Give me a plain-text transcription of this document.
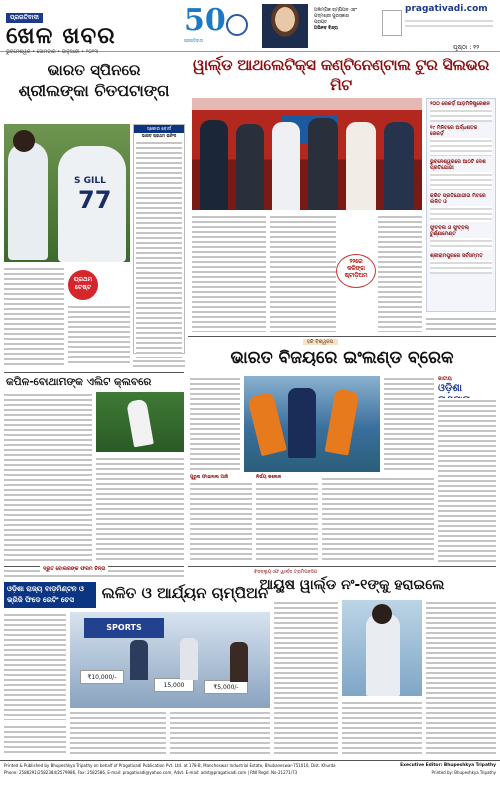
ପ୍ରଗତିବାଦୀ
ଖେଳ ଖବର
ଭୁବନେଶ୍ୱର • ସୋମବାର • ଜାନୁଆରୀ • ୨୦୨୩
50
ପ୍ରଗତିବାଦୀ
ଅଲିମ୍ପିକ ଚାମ୍ପିଅନ ଏବଂ
ପଦ୍ମଶ୍ରୀ ପୁରସ୍କାର
ପ୍ରାପ୍ତ
ଅଭିନବ ବିନ୍ଦ୍ରା
pragativadi.com
ପୃଷ୍ଠା : ୧୨
ଭାରତ ସ୍ପିନରେ
ଶ୍ରୀଲଙ୍କା ଚିତପଟାଙ୍ଗ
S GILL
77
ସ୍କୋର ବୋର୍ଡ
ଭାରତ ପ୍ରଥମ ଇନିଂସ
ୱାର୍ଲ୍ଡ ଆଥଲେଟିକ୍ସ କଣ୍ଟିନେଣ୍ଟାଲ ଟୁର ସିଲଭର ମିଟ
୨୨ରେ
କଳିଙ୍ଗ
ଷ୍ଟାଡ଼ିଅମ
୨୦୦ ରେକର୍ଡ଼ ଆଡ଼ମିନିଷ୍ଟ୍ରେଶନ
୧୯ ମିନିଟରେ ଅର୍ଦ୍ଧଶତକ ରେକର୍ଡ଼
ଭୁବନେଶ୍ୱରରେ ଆଠଟି ଦେଶ ପ୍ରତିଯୋଗୀ
କ୍ରିଟ ପ୍ରତିଯୋଗୀତା ମିଟରେ ଲଳିତ ଓ
ଫୁଟବଲ ଓ ଫୁଟ୍ବଲ୍ ଟୁର୍ଣ୍ଣାମେଣ୍ଟ
ଶ୍ରୀରାମପୁରରେ ସର୍ବସମ୍ମତ
ପ୍ରଥମ ଟେଷ୍ଟ
କପିଳ-ବୋଥାମଙ୍କ ଏଲିଟ କ୍ଲବରେ
ହକି ବିଶ୍ୱକପ
ଭାରତ ବିଜୟରେ ଇଂଲଣ୍ଡ ବ୍ରେକ
ଜାତୀୟ
ଓଡ଼ିଶା
ପୁରୁଷ ଫାଇନାଲ ଆଜି	ନିର୍ଭୟ କଲେଜ
ବିଡବ୍ଲ୍ୟୁଏଫ ୱାର୍ଲ୍ଡ ଟ୍ରାମିପନସିପ
ଆୟୁଷ ୱାର୍ଲ୍ଡ ନଂ-୧ଙ୍କୁ ହରାଇଲେ
ଦ୍ରୁତ ବୋଲରଙ୍କ ଫରମ ଚିନ୍ତା
ଓଡ଼ିଶା ରାଜ୍ୟ ବାଡ଼ମିଣ୍ଟନ ଓ
ଭ୍ରିଜି ଫିଡେ ରେଟିଂ ଚେସ	ଲଳିତ ଓ ଆର୍ଯ୍ୟନ ଚାମ୍ପିଅନ
SPORTS
₹10,000/-
15,000	₹5,000/-
Printed & Published by Bhupeshkya Tripathy on behalf of Pragativadi Publication Pvt. Ltd. at 178-B, Mancheswar Industrial Estate, Bhubaneswar-751010, Dist. Khurda
Phone: 2588291/2582384/2579986, Fax: 2582586, E-mail: pragativadi@yahoo.com, Advt. E-mail: advt@pragativadi.com | RNI Regd. No-21271/73
Executive Editor: Bhupeshkya Tripathy
Printed by: Bhupeshkya Tripathy
